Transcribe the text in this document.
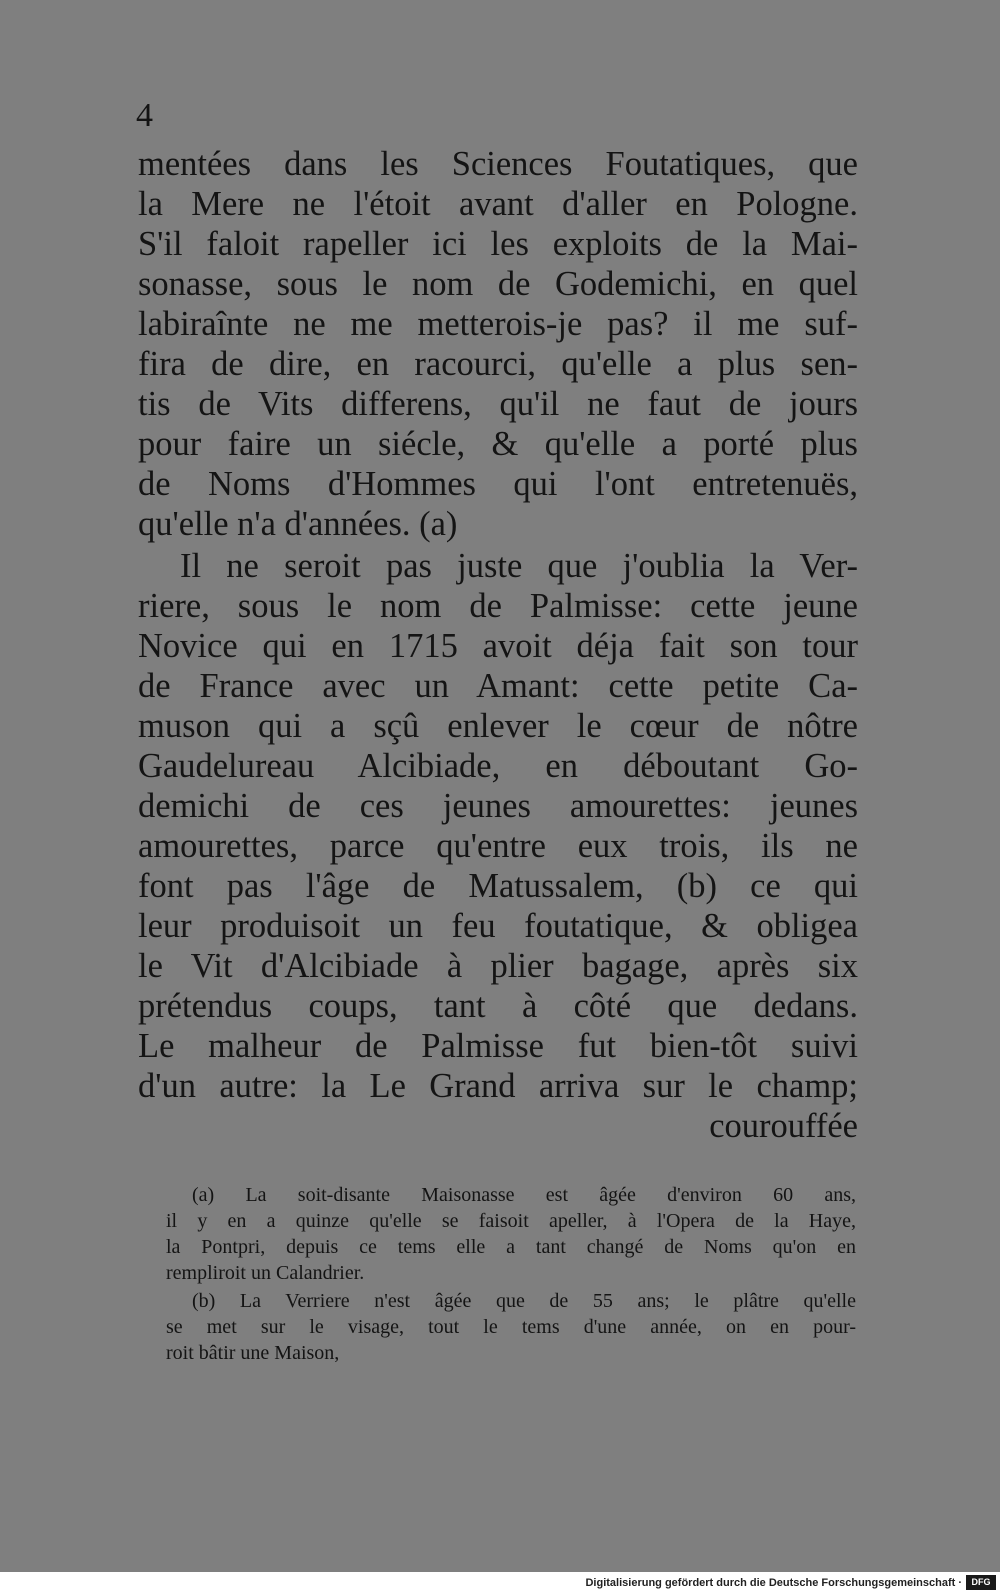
4
mentées dans les Sciences Foutatiques, que
la Mere ne l'étoit avant d'aller en Pologne.
S'il faloit rapeller ici les exploits de la Mai-
sonasse, sous le nom de Godemichi, en quel
labiraînte ne me metterois-je pas? il me suf-
fira de dire, en racourci, qu'elle a plus sen-
tis de Vits differens, qu'il ne faut de jours
pour faire un siécle, & qu'elle a porté plus
de Noms d'Hommes qui l'ont entretenuës,
qu'elle n'a d'années. (a)
Il ne seroit pas juste que j'oublia la Ver-
riere, sous le nom de Palmisse: cette jeune
Novice qui en 1715 avoit déja fait son tour
de France avec un Amant: cette petite Ca-
muson qui a sçû enlever le cœur de nôtre
Gaudelureau Alcibiade, en déboutant Go-
demichi de ces jeunes amourettes: jeunes
amourettes, parce qu'entre eux trois, ils ne
font pas l'âge de Matussalem, (b) ce qui
leur produisoit un feu foutatique, & obligea
le Vit d'Alcibiade à plier bagage, après six
prétendus coups, tant à côté que dedans.
Le malheur de Palmisse fut bien-tôt suivi
d'un autre: la Le Grand arriva sur le champ;
courouffée
(a) La soit-disante Maisonasse est âgée d'environ 60 ans,
il y en a quinze qu'elle se faisoit apeller, à l'Opera de la Haye,
la Pontpri, depuis ce tems elle a tant changé de Noms qu'on en
rempliroit un Calandrier.
(b) La Verriere n'est âgée que de 55 ans; le plâtre qu'elle
se met sur le visage, tout le tems d'une année, on en pour-
roit bâtir une Maison,
Digitalisierung gefördert durch die Deutsche Forschungsgemeinschaft ·	DFG
